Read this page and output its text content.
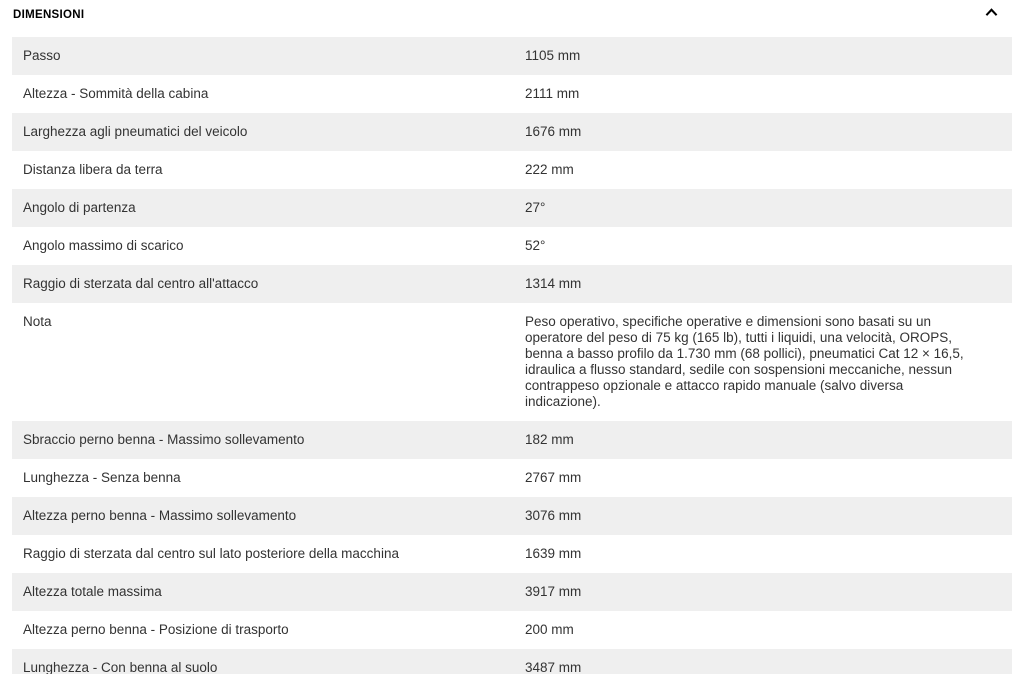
DIMENSIONI
Passo	1105 mm
Altezza - Sommità della cabina	2111 mm
Larghezza agli pneumatici del veicolo	1676 mm
Distanza libera da terra	222 mm
Angolo di partenza	27°
Angolo massimo di scarico	52°
Raggio di sterzata dal centro all'attacco	1314 mm
Nota	Peso operativo, specifiche operative e dimensioni sono basati su un operatore del peso di 75 kg (165 lb), tutti i liquidi, una velocità, OROPS, benna a basso profilo da 1.730 mm (68 pollici), pneumatici Cat 12 × 16,5, idraulica a flusso standard, sedile con sospensioni meccaniche, nessun contrappeso opzionale e attacco rapido manuale (salvo diversa indicazione).
Sbraccio perno benna - Massimo sollevamento	182 mm
Lunghezza - Senza benna	2767 mm
Altezza perno benna - Massimo sollevamento	3076 mm
Raggio di sterzata dal centro sul lato posteriore della macchina	1639 mm
Altezza totale massima	3917 mm
Altezza perno benna - Posizione di trasporto	200 mm
Lunghezza - Con benna al suolo	3487 mm
